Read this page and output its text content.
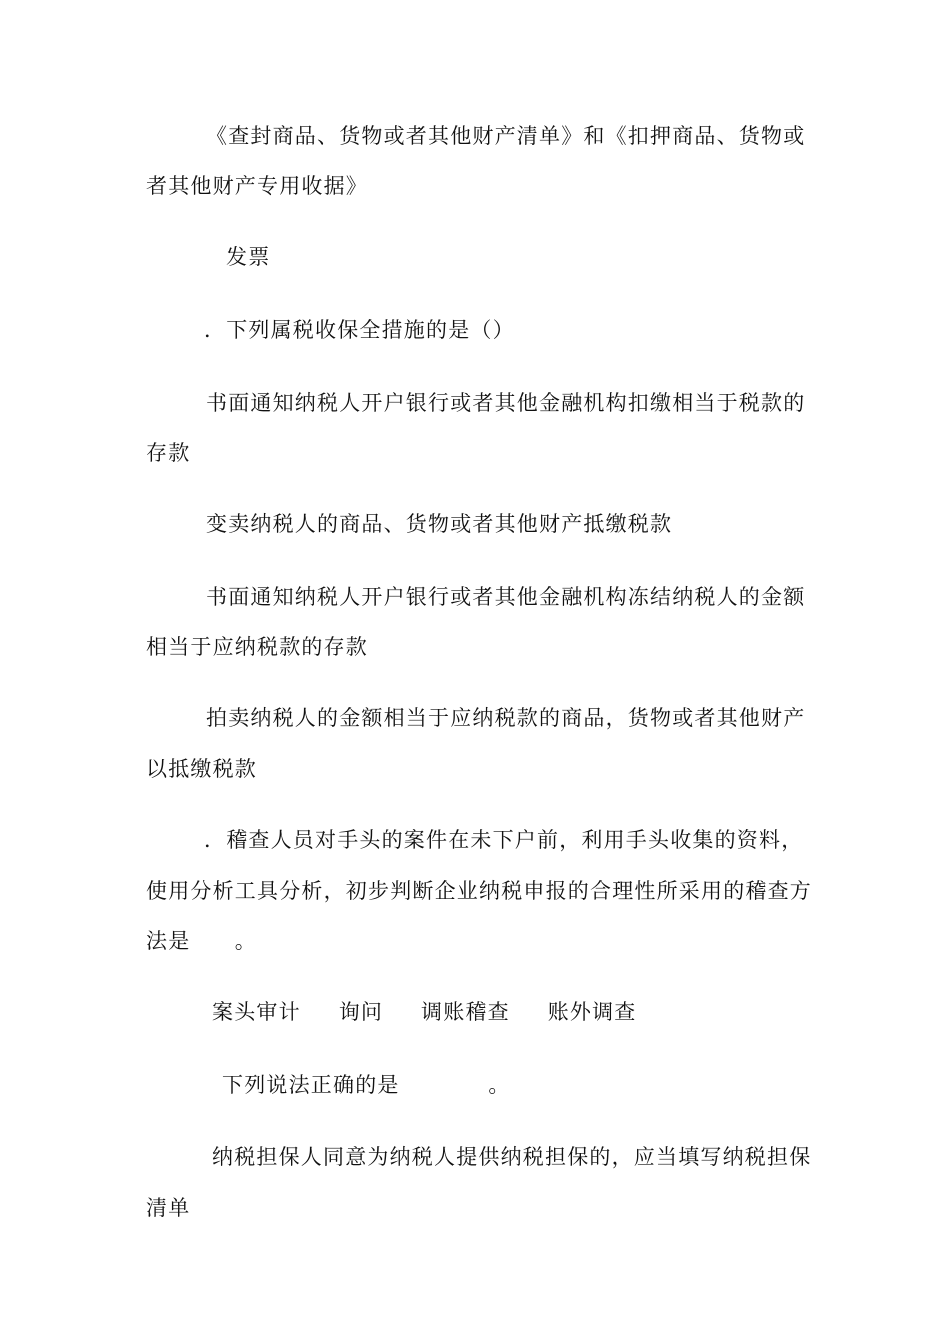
《查封商品、货物或者其他财产清单》和《扣押商品、货物或
者其他财产专用收据》
发票
．下列属税收保全措施的是（）
书面通知纳税人开户银行或者其他金融机构扣缴相当于税款的
存款
变卖纳税人的商品、货物或者其他财产抵缴税款
书面通知纳税人开户银行或者其他金融机构冻结纳税人的金额
相当于应纳税款的存款
拍卖纳税人的金额相当于应纳税款的商品，货物或者其他财产
以抵缴税款
．稽查人员对手头的案件在未下户前，利用手头收集的资料，
使用分析工具分析，初步判断企业纳税申报的合理性所采用的稽查方
法是　　。
案头审计 询问 调账稽查 账外调查
下列说法正确的是　　　　。
纳税担保人同意为纳税人提供纳税担保的，应当填写纳税担保
清单
